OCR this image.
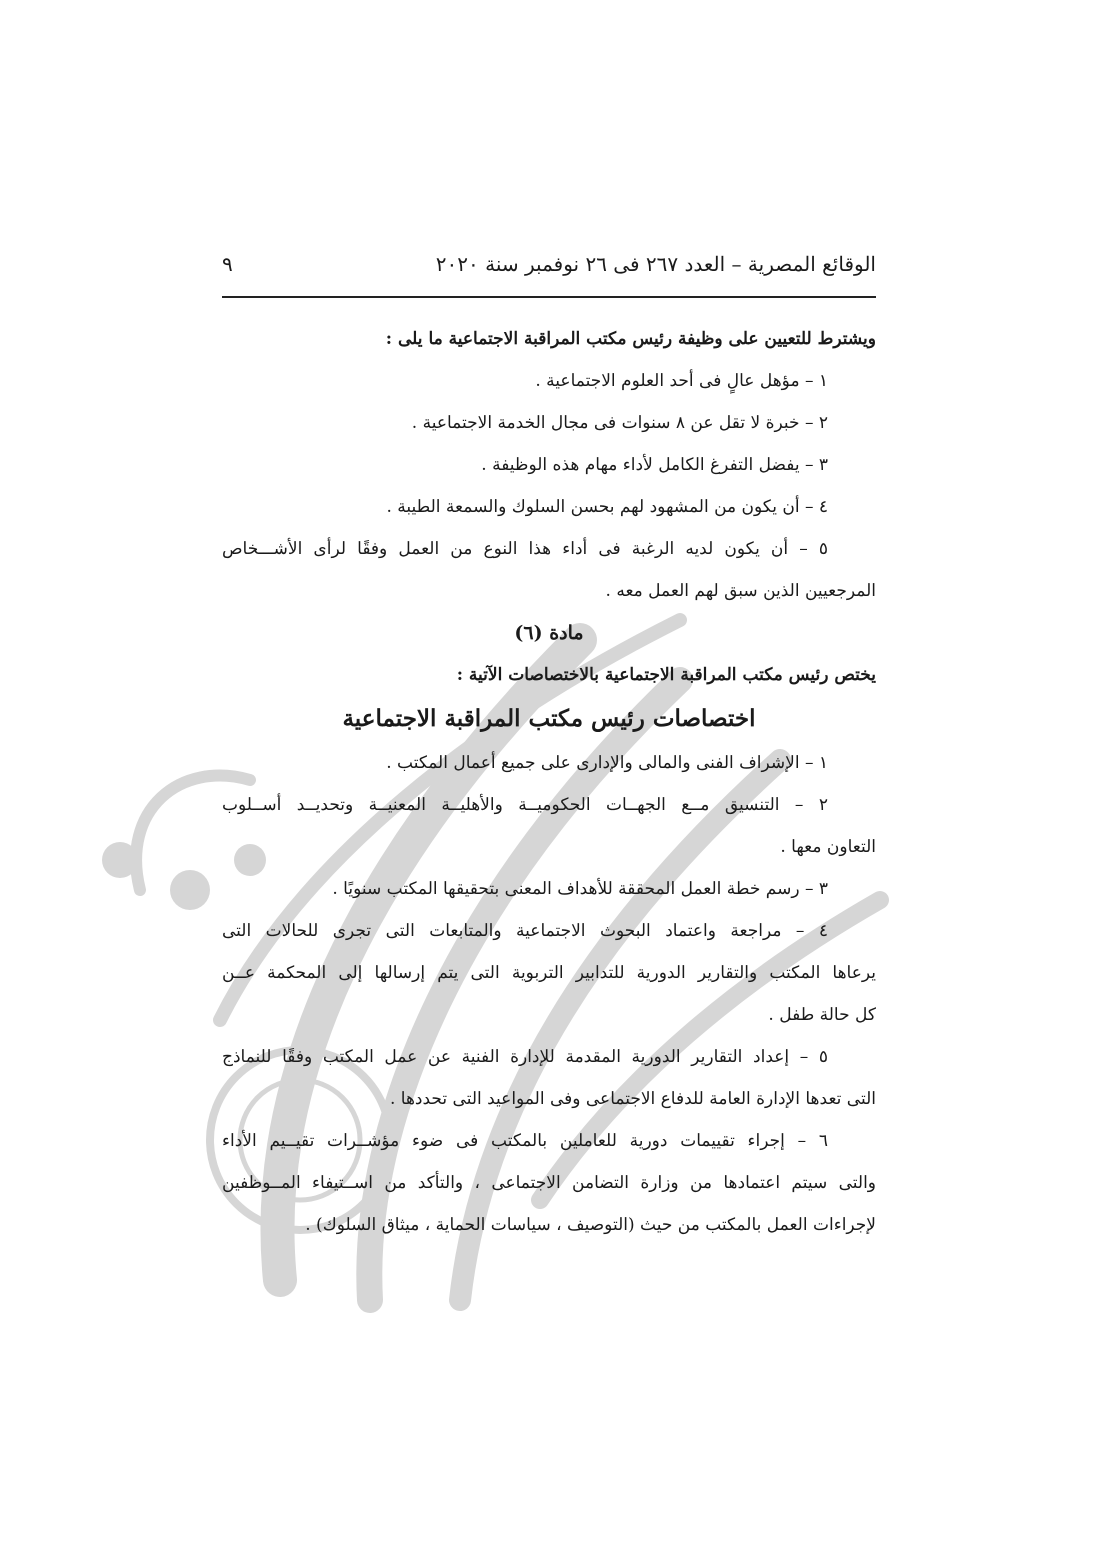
الوقائع المصرية – العدد ٢٦٧ فى ٢٦ نوفمبر سنة ٢٠٢٠
٩
ويشترط للتعيين على وظيفة رئيس مكتب المراقبة الاجتماعية ما يلى :
١ – مؤهل عالٍ فى أحد العلوم الاجتماعية .
٢ – خبرة لا تقل عن ٨ سنوات فى مجال الخدمة الاجتماعية .
٣ – يفضل التفرغ الكامل لأداء مهام هذه الوظيفة .
٤ – أن يكون من المشهود لهم بحسن السلوك والسمعة الطيبة .
٥ – أن يكون لديه الرغبة فى أداء هذا النوع من العمل وفقًا لرأى الأشـــخاص
المرجعيين الذين سبق لهم العمل معه .
مادة (٦)
يختص رئيس مكتب المراقبة الاجتماعية بالاختصاصات الآتية :
اختصاصات رئيس مكتب المراقبة الاجتماعية
١ – الإشراف الفنى والمالى والإدارى على جميع أعمال المكتب .
٢ – التنسيق مــع الجهــات الحكوميــة والأهليــة المعنيــة وتحديــد أســلوب
التعاون معها .
٣ – رسم خطة العمل المحققة للأهداف المعنى بتحقيقها المكتب سنويًا .
٤ – مراجعة واعتماد البحوث الاجتماعية والمتابعات التى تجرى للحالات التى
يرعاها المكتب والتقارير الدورية للتدابير التربوية التى يتم إرسالها إلى المحكمة عــن
كل حالة طفل .
٥ – إعداد التقارير الدورية المقدمة للإدارة الفنية عن عمل المكتب وفقًا للنماذج
التى تعدها الإدارة العامة للدفاع الاجتماعى وفى المواعيد التى تحددها .
٦ – إجراء تقييمات دورية للعاملين بالمكتب فى ضوء مؤشــرات تقيــيم الأداء
والتى سيتم اعتمادها من وزارة التضامن الاجتماعى ، والتأكد من اســتيفاء المــوظفين
لإجراءات العمل بالمكتب من حيث (التوصيف ، سياسات الحماية ، ميثاق السلوك) .
